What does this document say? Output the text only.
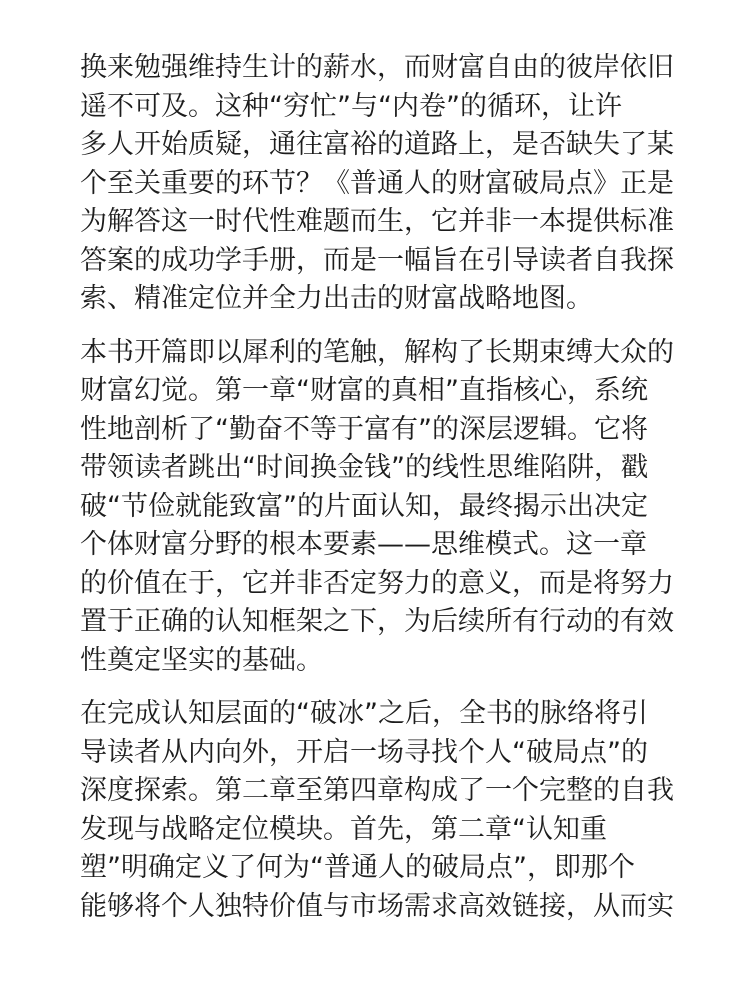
换来勉强维持生计的薪水，而财富自由的彼岸依旧
遥不可及。这种“穷忙”与“内卷”的循环，让许
多人开始质疑，通往富裕的道路上，是否缺失了某
个至关重要的环节？《普通人的财富破局点》正是
为解答这一时代性难题而生，它并非一本提供标准
答案的成功学手册，而是一幅旨在引导读者自我探
索、精准定位并全力出击的财富战略地图。
本书开篇即以犀利的笔触，解构了长期束缚大众的
财富幻觉。第一章“财富的真相”直指核心，系统
性地剖析了“勤奋不等于富有”的深层逻辑。它将
带领读者跳出“时间换金钱”的线性思维陷阱，戳
破“节俭就能致富”的片面认知，最终揭示出决定
个体财富分野的根本要素——思维模式。这一章
的价值在于，它并非否定努力的意义，而是将努力
置于正确的认知框架之下，为后续所有行动的有效
性奠定坚实的基础。
在完成认知层面的“破冰”之后，全书的脉络将引
导读者从内向外，开启一场寻找个人“破局点”的
深度探索。第二章至第四章构成了一个完整的自我
发现与战略定位模块。首先，第二章“认知重
塑”明确定义了何为“普通人的破局点”，即那个
能够将个人独特价值与市场需求高效链接，从而实
